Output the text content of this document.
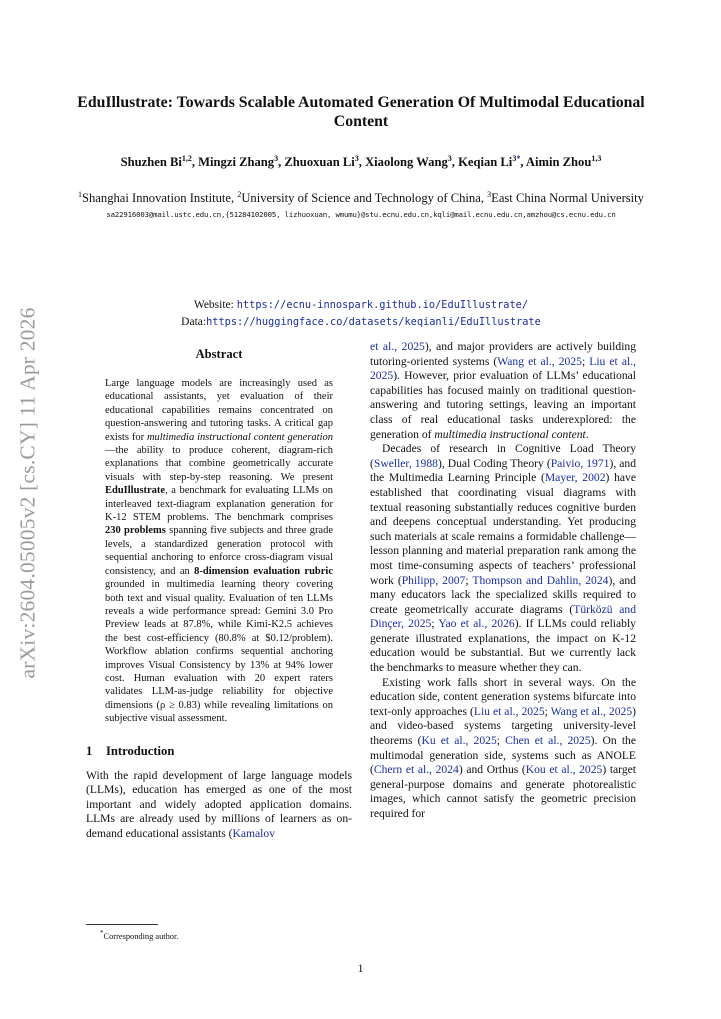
arXiv:2604.05005v2 [cs.CY] 11 Apr 2026
EduIllustrate: Towards Scalable Automated Generation Of Multimodal Educational Content
Shuzhen Bi$^{1,2}$, Mingzi Zhang$^3$, Zhuoxuan Li$^3$, Xiaolong Wang$^3$, Keqian $Li^{3*}$, Aimin Zhou$^{1,3}$
$^1$Shanghai Innovation Institute, $^2$University of Science and Technology of China, $^3$East China Normal University
sa22916003@mail.ustc.edu.cn,{51284102005, lizhuoxuan, wmumu}@stu.ecnu.edu.cn,kqli@mail.ecnu.edu.cn,amzhou@cs.ecnu.edu.cn
Website: https://ecnu-innospark.github.io/EduIllustrate/
Data:https://huggingface.co/datasets/keqianli/EduIllustrate
Abstract
Large language models are increasingly used as educational assistants, yet evaluation of their educational capabilities remains concentrated on question-answering and tutoring tasks. A critical gap exists for multimedia instructional content generation—the ability to produce coherent, diagram-rich explanations that combine geometrically accurate visuals with step-by-step reasoning. We present EduIllustrate, a benchmark for evaluating LLMs on interleaved text-diagram explanation generation for K-12 STEM problems. The benchmark comprises 230 problems spanning five subjects and three grade levels, a standardized generation protocol with sequential anchoring to enforce cross-diagram visual consistency, and an 8-dimension evaluation rubric grounded in multimedia learning theory covering both text and visual quality. Evaluation of ten LLMs reveals a wide performance spread: Gemini 3.0 Pro Preview leads at 87.8%, while Kimi-K2.5 achieves the best cost-efficiency (80.8% at $0.12/problem). Workflow ablation confirms sequential anchoring improves Visual Consistency by 13% at 94% lower cost. Human evaluation with 20 expert raters validates LLM-as-judge reliability for objective dimensions (ρ ≥ 0.83) while revealing limitations on subjective visual assessment.
1 Introduction
With the rapid development of large language models (LLMs), education has emerged as one of the most important and widely adopted application domains. LLMs are already used by millions of learners as on-demand educational assistants (Kamalov

et al., 2025), and major providers are actively building tutoring-oriented systems (Wang et al., 2025; Liu et al., 2025). However, prior evaluation of LLMs’ educational capabilities has focused mainly on traditional question-answering and tutoring settings, leaving an important class of real educational tasks underexplored: the generation of multimedia instructional content.

Decades of research in Cognitive Load Theory (Sweller, 1988), Dual Coding Theory (Paivio, 1971), and the Multimedia Learning Principle (Mayer, 2002) have established that coordinating visual diagrams with textual reasoning substantially reduces cognitive burden and deepens conceptual understanding. Yet producing such materials at scale remains a formidable challenge—lesson planning and material preparation rank among the most time-consuming aspects of teachers’ professional work (Philipp, 2007; Thompson and Dahlin, 2024), and many educators lack the specialized skills required to create geometrically accurate diagrams (Türközü and Dinçer, 2025; Yao et al., 2026). If LLMs could reliably generate illustrated explanations, the impact on K-12 education would be substantial. But we currently lack the benchmarks to measure whether they can.

Existing work falls short in several ways. On the education side, content generation systems bifurcate into text-only approaches (Liu et al., 2025; Wang et al., 2025) and video-based systems targeting university-level theorems (Ku et al., 2025; Chen et al., 2025). On the multimodal generation side, systems such as ANOLE (Chern et al., 2024) and Orthus (Kou et al., 2025) target general-purpose domains and generate photorealistic images, which cannot satisfy the geometric precision required for

*Corresponding author.
1
